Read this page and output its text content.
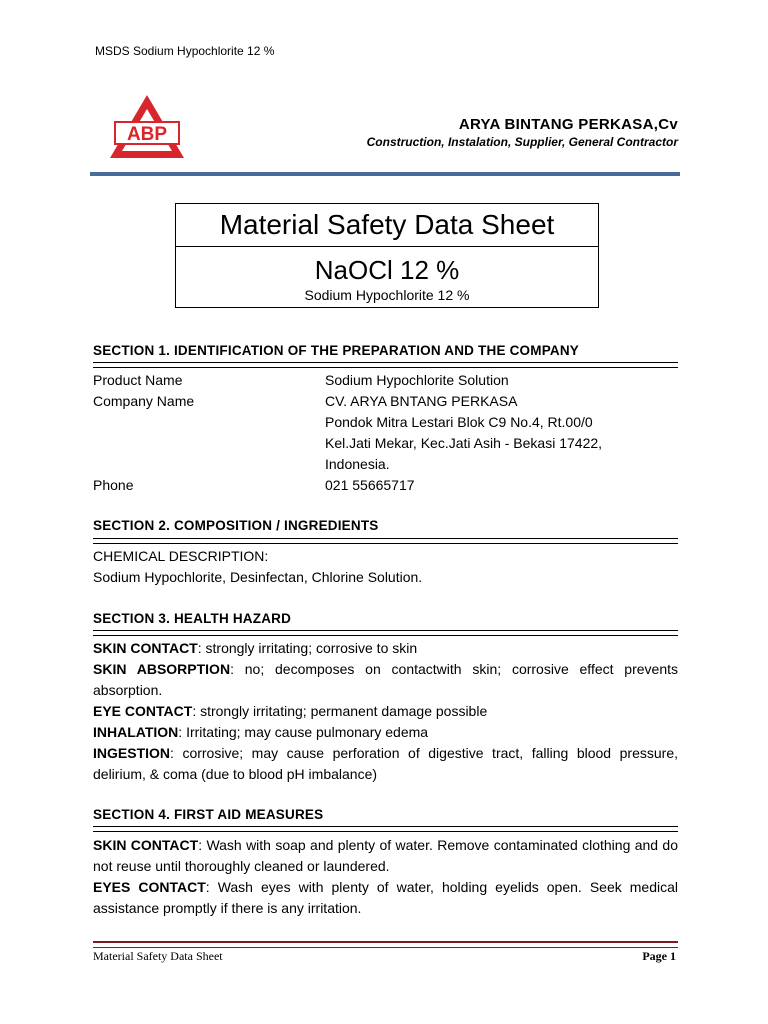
MSDS Sodium Hypochlorite 12 %
ABP	ARYA BINTANG PERKASA,Cv
Construction, Instalation, Supplier, General Contractor
Material Safety Data Sheet
NaOCl 12 %
Sodium Hypochlorite 12 %
SECTION 1. IDENTIFICATION OF THE PREPARATION AND THE COMPANY
Product Name	Sodium Hypochlorite Solution
Company Name	CV. ARYA BNTANG PERKASA
Pondok Mitra Lestari Blok C9 No.4, Rt.00/0
Kel.Jati Mekar, Kec.Jati Asih - Bekasi 17422,
Indonesia.
Phone	021 55665717
SECTION 2. COMPOSITION / INGREDIENTS
CHEMICAL DESCRIPTION:
Sodium Hypochlorite, Desinfectan, Chlorine Solution.
SECTION 3. HEALTH HAZARD
SKIN CONTACT: strongly irritating; corrosive to skin
SKIN ABSORPTION: no; decomposes on contactwith skin; corrosive effect prevents absorption.
EYE CONTACT: strongly irritating; permanent damage possible
INHALATION: Irritating; may cause pulmonary edema
INGESTION: corrosive; may cause perforation of digestive tract, falling blood pressure, delirium, & coma (due to blood pH imbalance)
SECTION 4. FIRST AID MEASURES
SKIN CONTACT: Wash with soap and plenty of water. Remove contaminated clothing and do not reuse until thoroughly cleaned or laundered.
EYES CONTACT: Wash eyes with plenty of water, holding eyelids open. Seek medical assistance promptly if there is any irritation.
Material Safety Data Sheet	Page 1
